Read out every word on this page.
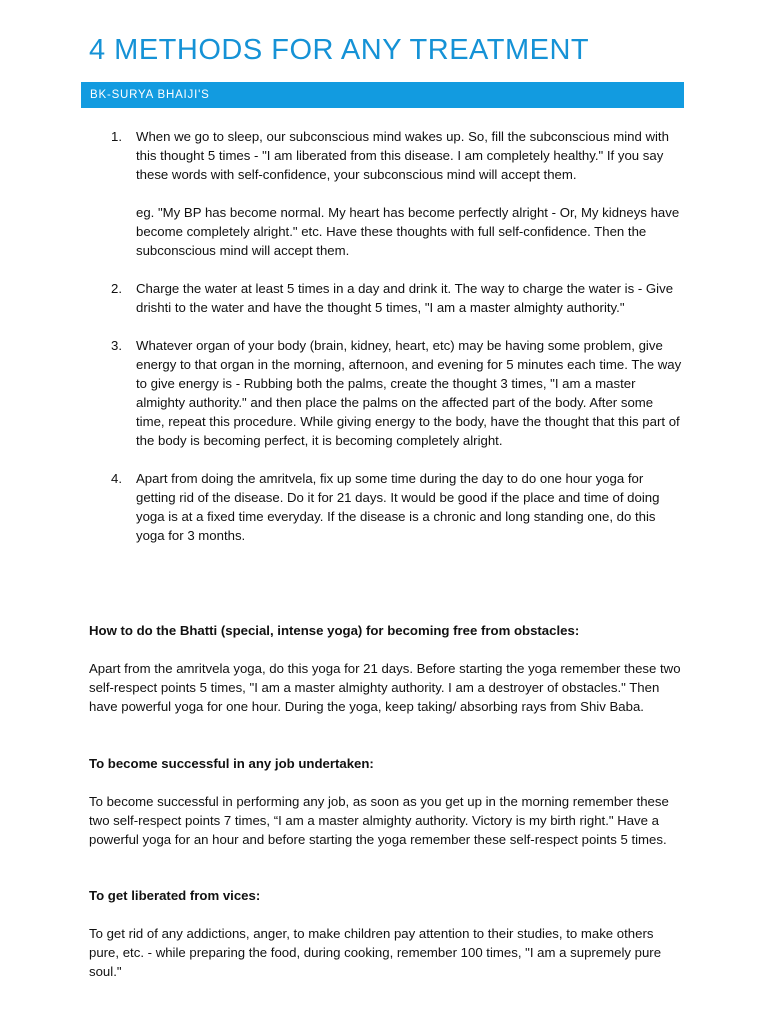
4 METHODS FOR ANY TREATMENT
BK-SURYA BHAIJI'S
1. When we go to sleep, our subconscious mind wakes up. So, fill the subconscious mind with this thought 5 times - "I am liberated from this disease. I am completely healthy." If you say these words with self-confidence, your subconscious mind will accept them.

eg. "My BP has become normal. My heart has become perfectly alright - Or, My kidneys have become completely alright." etc. Have these thoughts with full self-confidence. Then the subconscious mind will accept them.

2. Charge the water at least 5 times in a day and drink it. The way to charge the water is - Give drishti to the water and have the thought 5 times, "I am a master almighty authority."

3. Whatever organ of your body (brain, kidney, heart, etc) may be having some problem, give energy to that organ in the morning, afternoon, and evening for 5 minutes each time. The way to give energy is - Rubbing both the palms, create the thought 3 times, "I am a master almighty authority." and then place the palms on the affected part of the body. After some time, repeat this procedure. While giving energy to the body, have the thought that this part of the body is becoming perfect, it is becoming completely alright.

4. Apart from doing the amritvela, fix up some time during the day to do one hour yoga for getting rid of the disease. Do it for 21 days. It would be good if the place and time of doing yoga is at a fixed time everyday. If the disease is a chronic and long standing one, do this yoga for 3 months.

How to do the Bhatti (special, intense yoga) for becoming free from obstacles:

Apart from the amritvela yoga, do this yoga for 21 days. Before starting the yoga remember these two self-respect points 5 times, "I am a master almighty authority. I am a destroyer of obstacles." Then have powerful yoga for one hour. During the yoga, keep taking/ absorbing rays from Shiv Baba.

To become successful in any job undertaken:

To become successful in performing any job, as soon as you get up in the morning remember these two self-respect points 7 times, “I am a master almighty authority. Victory is my birth right." Have a powerful yoga for an hour and before starting the yoga remember these self-respect points 5 times.

To get liberated from vices:

To get rid of any addictions, anger, to make children pay attention to their studies, to make others pure, etc. - while preparing the food, during cooking, remember 100 times, "I am a supremely pure soul."
